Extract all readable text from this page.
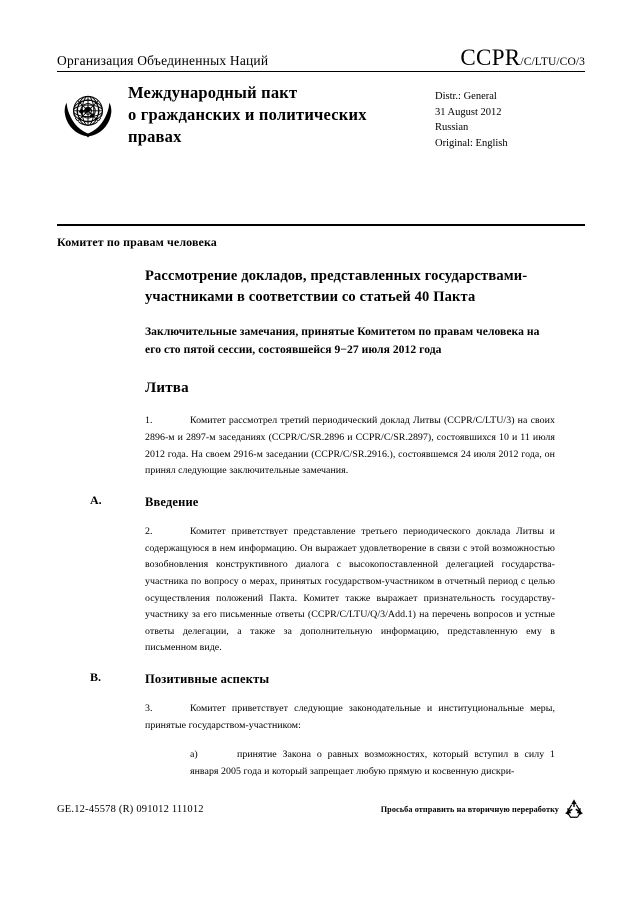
Организация Объединенных Наций	CCPR/C/LTU/CO/3
Международный пакт
о гражданских и политических
правах
Distr.: General
31 August 2012
Russian
Original: English
Комитет по правам человека
Рассмотрение докладов, представленных государствами-участниками в соответствии со статьей 40 Пакта
Заключительные замечания, принятые Комитетом по правам человека на его сто пятой сессии, состоявшейся 9−27 июля 2012 года
Литва
1.	Комитет рассмотрел третий периодический доклад Литвы (CCPR/C/LTU/3) на своих 2896-м и 2897-м заседаниях (CCPR/C/SR.2896 и CCPR/C/SR.2897), состоявшихся 10 и 11 июля 2012 года. На своем 2916-м заседании (CCPR/C/SR.2916.), состоявшемся 24 июля 2012 года, он принял следующие заключительные замечания.
A.	Введение
2.	Комитет приветствует представление третьего периодического доклада Литвы и содержащуюся в нем информацию. Он выражает удовлетворение в связи с этой возможностью возобновления конструктивного диалога с высокопоставленной делегацией государства-участника по вопросу о мерах, принятых государством-участником в отчетный период с целью осуществления положений Пакта. Комитет также выражает признательность государству-участнику за его письменные ответы (CCPR/C/LTU/Q/3/Add.1) на перечень вопросов и устные ответы делегации, а также за дополнительную информацию, представленную ему в письменном виде.
B.	Позитивные аспекты
3.	Комитет приветствует следующие законодательные и институциональные меры, принятые государством-участником:
a)	принятие Закона о равных возможностях, который вступил в силу 1 января 2005 года и который запрещает любую прямую и косвенную дискри-
GE.12-45578 (R) 091012 111012	Просьба отправить на вторичную переработку
